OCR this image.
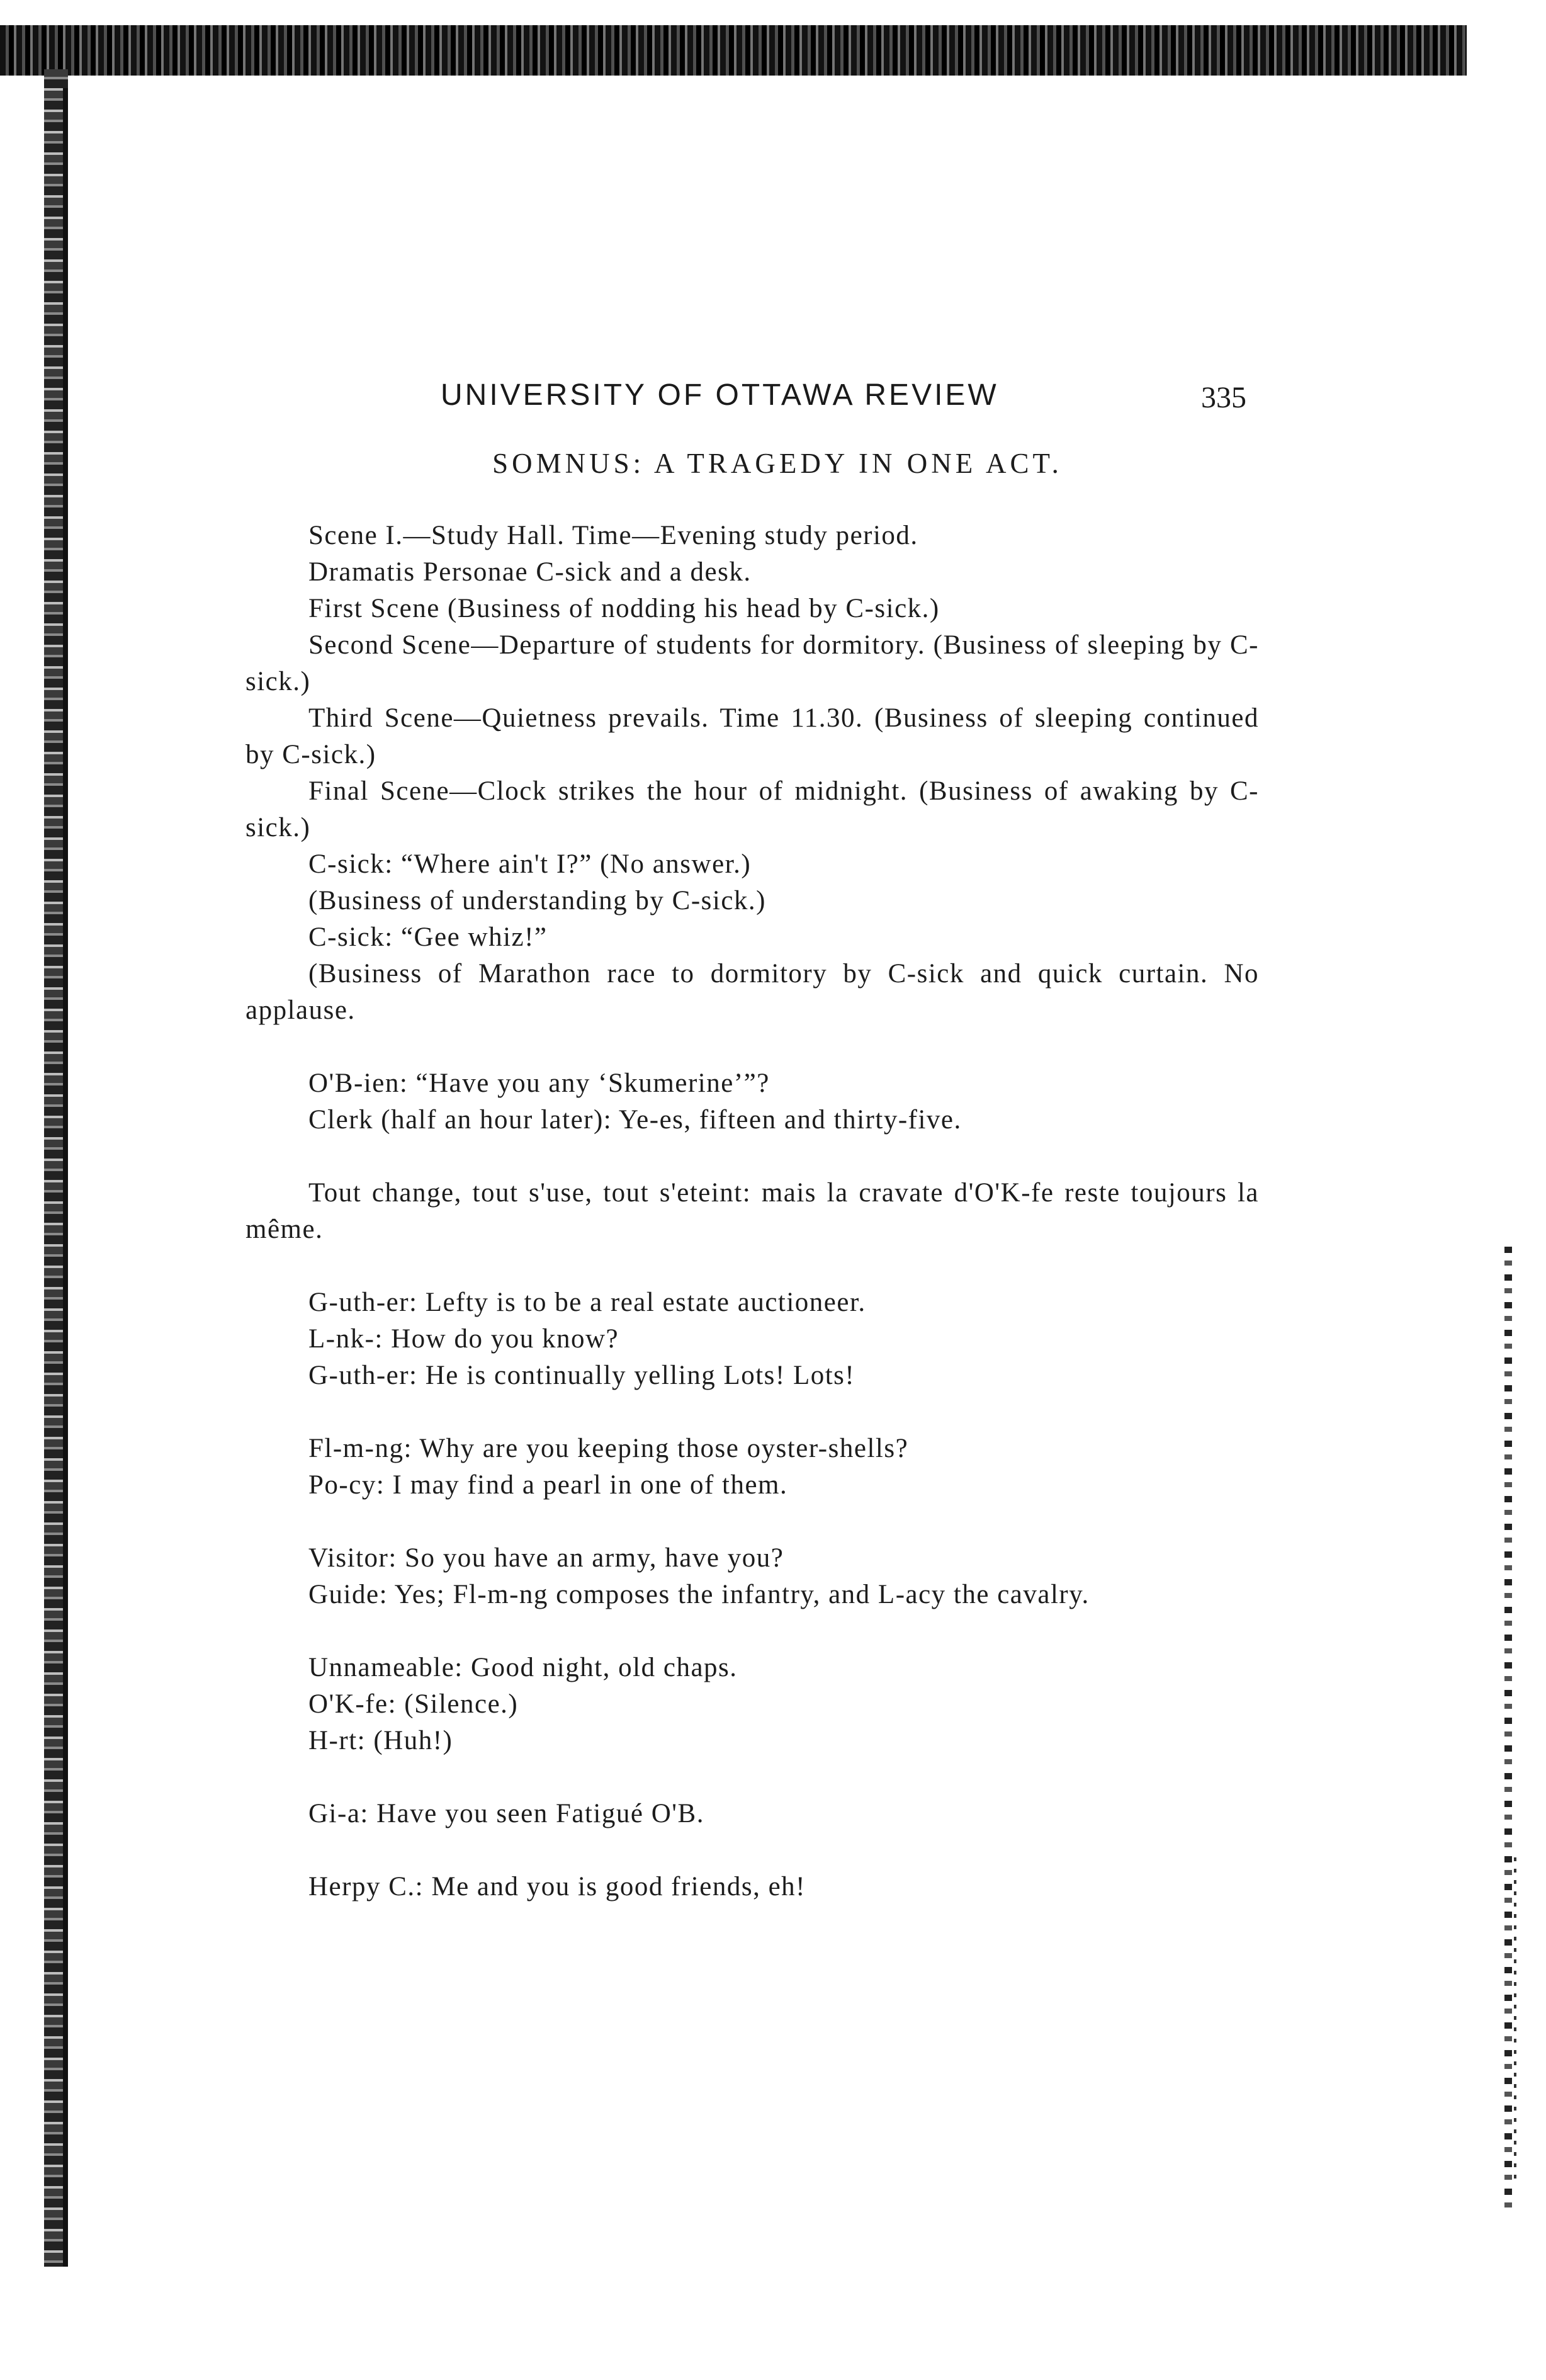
UNIVERSITY OF OTTAWA REVIEW	335
SOMNUS: A TRAGEDY IN ONE ACT.

Scene I.—Study Hall. Time—Evening study period.

Dramatis Personae C-sick and a desk.

First Scene (Business of nodding his head by C-sick.)

Second Scene—Departure of students for dormitory. (Business of sleeping by C-sick.)

Third Scene—Quietness prevails. Time 11.30. (Business of sleeping continued by C-sick.)

Final Scene—Clock strikes the hour of midnight. (Business of awaking by C-sick.)

C-sick: “Where ain't I?” (No answer.)

(Business of understanding by C-sick.)

C-sick: “Gee whiz!”

(Business of Marathon race to dormitory by C-sick and quick curtain. No applause.

O'B-ien: “Have you any ‘Skumerine’”?

Clerk (half an hour later): Ye-es, fifteen and thirty-five.

Tout change, tout s'use, tout s'eteint: mais la cravate d'O'K-fe reste toujours la même.

G-uth-er: Lefty is to be a real estate auctioneer.

L-nk-: How do you know?

G-uth-er: He is continually yelling Lots! Lots!

Fl-m-ng: Why are you keeping those oyster-shells?

Po-cy: I may find a pearl in one of them.

Visitor: So you have an army, have you?

Guide: Yes; Fl-m-ng composes the infantry, and L-acy the cavalry.

Unnameable: Good night, old chaps.

O'K-fe: (Silence.)

H-rt: (Huh!)

Gi-a: Have you seen Fatigué O'B.

Herpy C.: Me and you is good friends, eh!
